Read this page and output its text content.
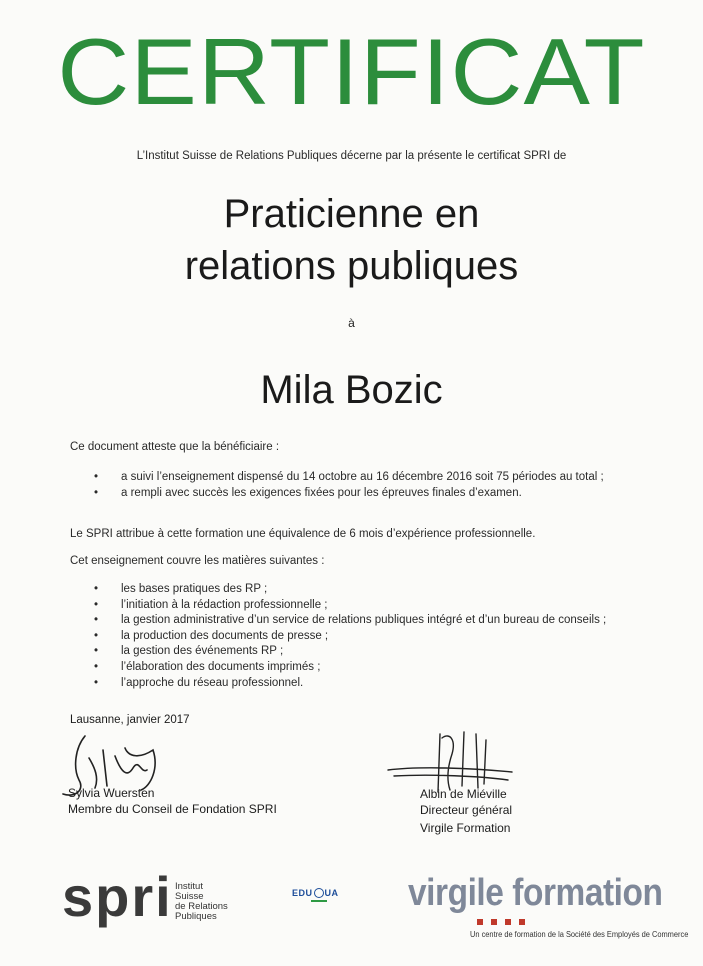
CERTIFICAT
L’Institut Suisse de Relations Publiques décerne par la présente le certificat SPRI de
Praticienne en
relations publiques
à
Mila Bozic
Ce document atteste que la bénéficiaire :
• a suivi l’enseignement dispensé du 14 octobre au 16 décembre 2016 soit 75 périodes au total ;
• a rempli avec succès les exigences fixées pour les épreuves finales d’examen.
Le SPRI attribue à cette formation une équivalence de 6 mois d’expérience professionnelle.
Cet enseignement couvre les matières suivantes :
• les bases pratiques des RP ;
• l’initiation à la rédaction professionnelle ;
• la gestion administrative d’un service de relations publiques intégré et d’un bureau de conseils ;
• la production des documents de presse ;
• la gestion des événements RP ;
• l’élaboration des documents imprimés ;
• l’approche du réseau professionnel.
Lausanne, janvier 2017
Sylvia Wuersten
Membre du Conseil de Fondation SPRI
Albin de Miéville
Directeur général
Virgile Formation
spri Institut
Suisse
de Relations
Publiques
EDU UA virgile formation
Un centre de formation de la Société des Employés de Commerce
